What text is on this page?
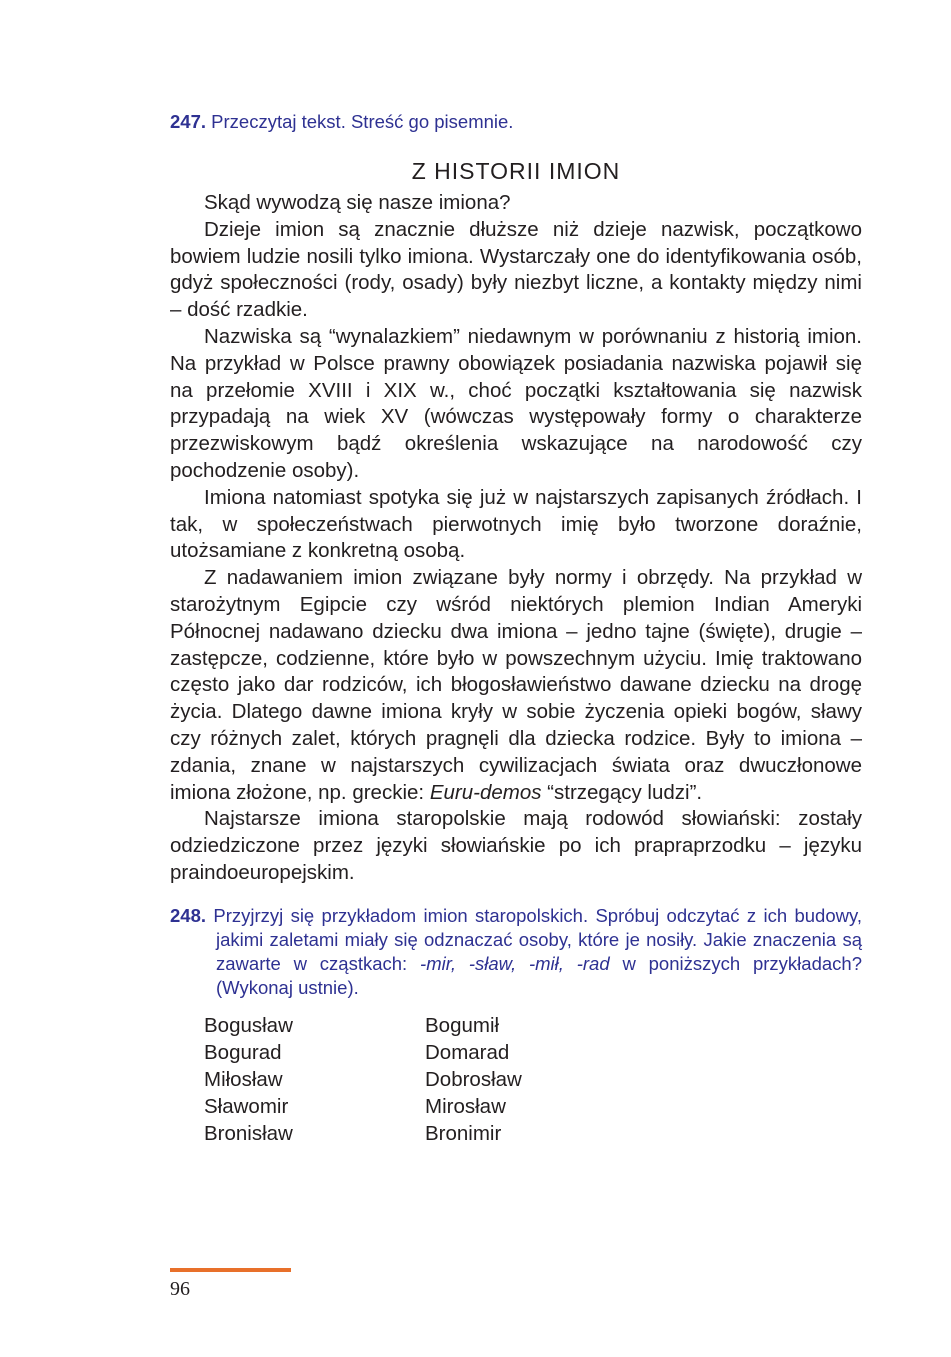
247. Przeczytaj tekst. Streść go pisemnie.
Z HISTORII IMION

Skąd wywodzą się nasze imiona?

Dzieje imion są znacznie dłuższe niż dzieje nazwisk, początkowo bowiem ludzie nosili tylko imiona. Wystarczały one do identyfikowania osób, gdyż społeczności (rody, osady) były niezbyt liczne, a kontakty między nimi – dość rzadkie.

Nazwiska są “wynalazkiem” niedawnym w porównaniu z historią imion. Na przykład w Polsce prawny obowiązek posiadania nazwiska pojawił się na przełomie XVIII i XIX w., choć początki kształtowania się nazwisk przypadają na wiek XV (wówczas występowały formy o charakterze przezwiskowym bądź określenia wskazujące na narodowość czy pochodzenie osoby).

Imiona natomiast spotyka się już w najstarszych zapisanych źródłach. I tak, w społeczeństwach pierwotnych imię było tworzone doraźnie, utożsamiane z konkretną osobą.

Z nadawaniem imion związane były normy i obrzędy. Na przykład w starożytnym Egipcie czy wśród niektórych plemion Indian Ameryki Północnej nadawano dziecku dwa imiona – jedno tajne (święte), drugie – zastępcze, codzienne, które było w powszechnym użyciu. Imię traktowano często jako dar rodziców, ich błogosławieństwo dawane dziecku na drogę życia. Dlatego dawne imiona kryły w sobie życzenia opieki bogów, sławy czy różnych zalet, których pragnęli dla dziecka rodzice. Były to imiona – zdania, znane w najstarszych cywilizacjach świata oraz dwuczłonowe imiona złożone, np. greckie: Euru-demos “strzegący ludzi”.

Najstarsze imiona staropolskie mają rodowód słowiański: zostały odziedziczone przez języki słowiańskie po ich prapraprzodku – języku praindoeuropejskim.

248. Przyjrzyj się przykładom imion staropolskich. Spróbuj odczytać z ich budowy, jakimi zaletami miały się odznaczać osoby, które je nosiły. Jakie znaczenia są zawarte w cząstkach: -mir, -sław, -mił, -rad w poniższych przykładach? (Wykonaj ustnie).
Bogusław
Bogurad
Miłosław
Sławomir
Bronisław
Bogumił
Domarad
Dobrosław
Mirosław
Bronimir
96
